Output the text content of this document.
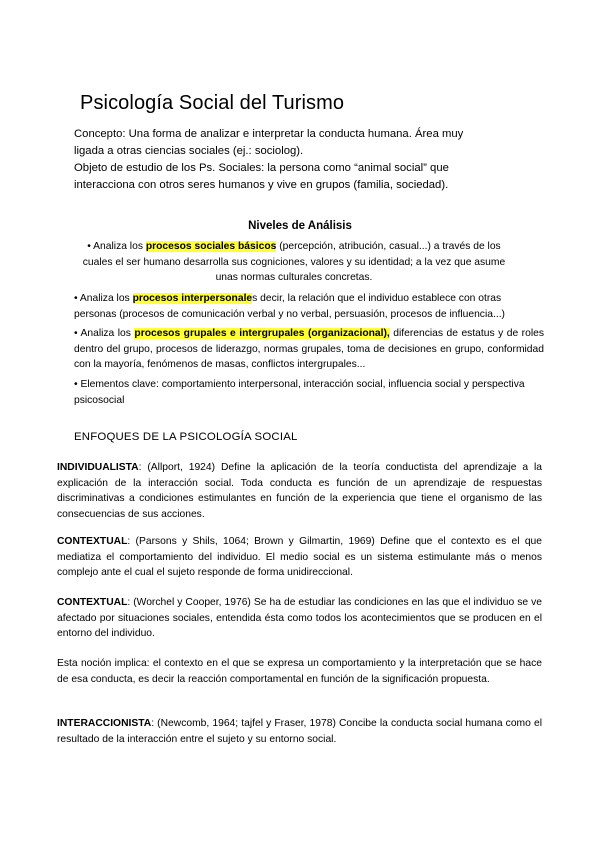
Psicología Social del Turismo
Concepto: Una forma de analizar e interpretar la conducta humana. Área muy ligada a otras ciencias sociales (ej.: sociolog).
Objeto de estudio de los Ps. Sociales: la persona como “animal social” que interacciona con otros seres humanos y vive en grupos (familia, sociedad).
Niveles de Análisis
• Analiza los procesos sociales básicos (percepción, atribución, casual...) a través de los cuales el ser humano desarrolla sus cogniciones, valores y su identidad; a la vez que asume unas normas culturales concretas.
• Analiza los procesos interpersonales decir, la relación que el individuo establece con otras personas (procesos de comunicación verbal y no verbal, persuasión, procesos de influencia...)
• Analiza los procesos grupales e intergrupales (organizacional), diferencias de estatus y de roles dentro del grupo, procesos de liderazgo, normas grupales, toma de decisiones en grupo, conformidad con la mayoría, fenómenos de masas, conflictos intergrupales...
• Elementos clave: comportamiento interpersonal, interacción social, influencia social y perspectiva psicosocial
ENFOQUES DE LA PSICOLOGÍA SOCIAL
INDIVIDUALISTA: (Allport, 1924) Define la aplicación de la teoría conductista del aprendizaje a la explicación de la interacción social. Toda conducta es función de un aprendizaje de respuestas discriminativas a condiciones estimulantes en función de la experiencia que tiene el organismo de las consecuencias de sus acciones.
CONTEXTUAL: (Parsons y Shils, 1064; Brown y Gilmartin, 1969) Define que el contexto es el que mediatiza el comportamiento del individuo. El medio social es un sistema estimulante más o menos complejo ante el cual el sujeto responde de forma unidireccional.
CONTEXTUAL: (Worchel y Cooper, 1976) Se ha de estudiar las condiciones en las que el individuo se ve afectado por situaciones sociales, entendida ésta como todos los acontecimientos que se producen en el entorno del individuo.
Esta noción implica: el contexto en el que se expresa un comportamiento y la interpretación que se hace de esa conducta, es decir la reacción comportamental en función de la significación propuesta.
INTERACCIONISTA: (Newcomb, 1964; tajfel y Fraser, 1978) Concibe la conducta social humana como el resultado de la interacción entre el sujeto y su entorno social.
